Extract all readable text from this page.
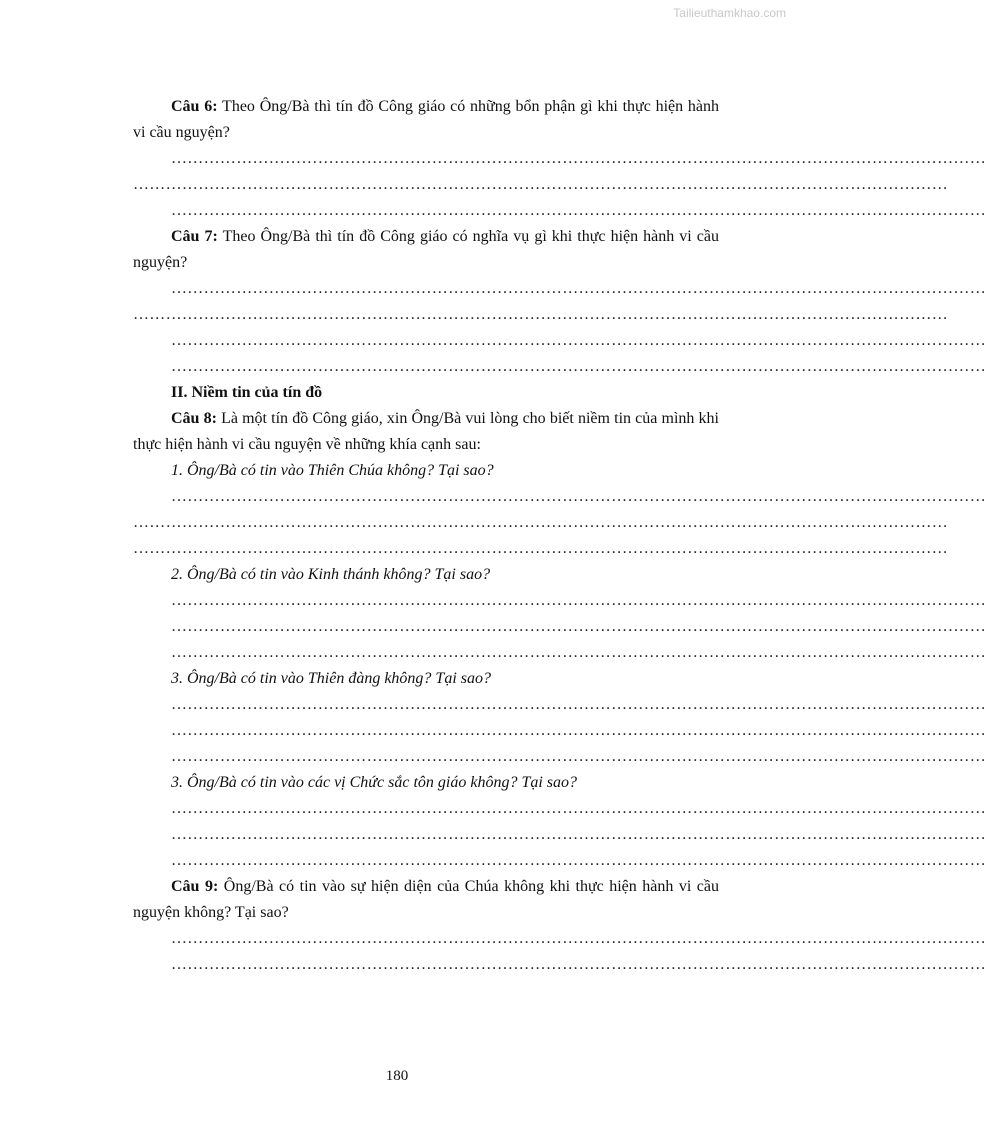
Tailieuthamkhao.com

Câu 6: Theo Ông/Bà thì tín đồ Công giáo có những bổn phận gì khi thực hiện hành vi cầu nguyện?

……………………………………………………………………………………………………………………………………

……………………………………………………………………………………………………………………………………

……………………………………………………………………………………………………………………………………

Câu 7: Theo Ông/Bà thì tín đồ Công giáo có nghĩa vụ gì khi thực hiện hành vi cầu nguyện?

……………………………………………………………………………………………………………………………………

……………………………………………………………………………………………………………………………………

……………………………………………………………………………………………………………………………………

……………………………………………………………………………………………………………………………………

II. Niềm tin của tín đồ

Câu 8: Là một tín đồ Công giáo, xin Ông/Bà vui lòng cho biết niềm tin của mình khi thực hiện hành vi cầu nguyện về những khía cạnh sau:

1. Ông/Bà có tin vào Thiên Chúa không? Tại sao?

……………………………………………………………………………………………………………………………………

……………………………………………………………………………………………………………………………………

……………………………………………………………………………………………………………………………………

2. Ông/Bà có tin vào Kinh thánh không? Tại sao?

……………………………………………………………………………………………………………………………………

……………………………………………………………………………………………………………………………………

……………………………………………………………………………………………………………………………………

3. Ông/Bà có tin vào Thiên đàng không? Tại sao?

……………………………………………………………………………………………………………………………………

……………………………………………………………………………………………………………………………………

……………………………………………………………………………………………………………………………………

3. Ông/Bà có tin vào các vị Chức sắc tôn giáo không? Tại sao?

……………………………………………………………………………………………………………………………………

……………………………………………………………………………………………………………………………………

……………………………………………………………………………………………………………………………………

Câu 9: Ông/Bà có tin vào sự hiện diện của Chúa không khi thực hiện hành vi cầu nguyện không? Tại sao?

……………………………………………………………………………………………………………………………………

……………………………………………………………………………………………………………………………………

180
